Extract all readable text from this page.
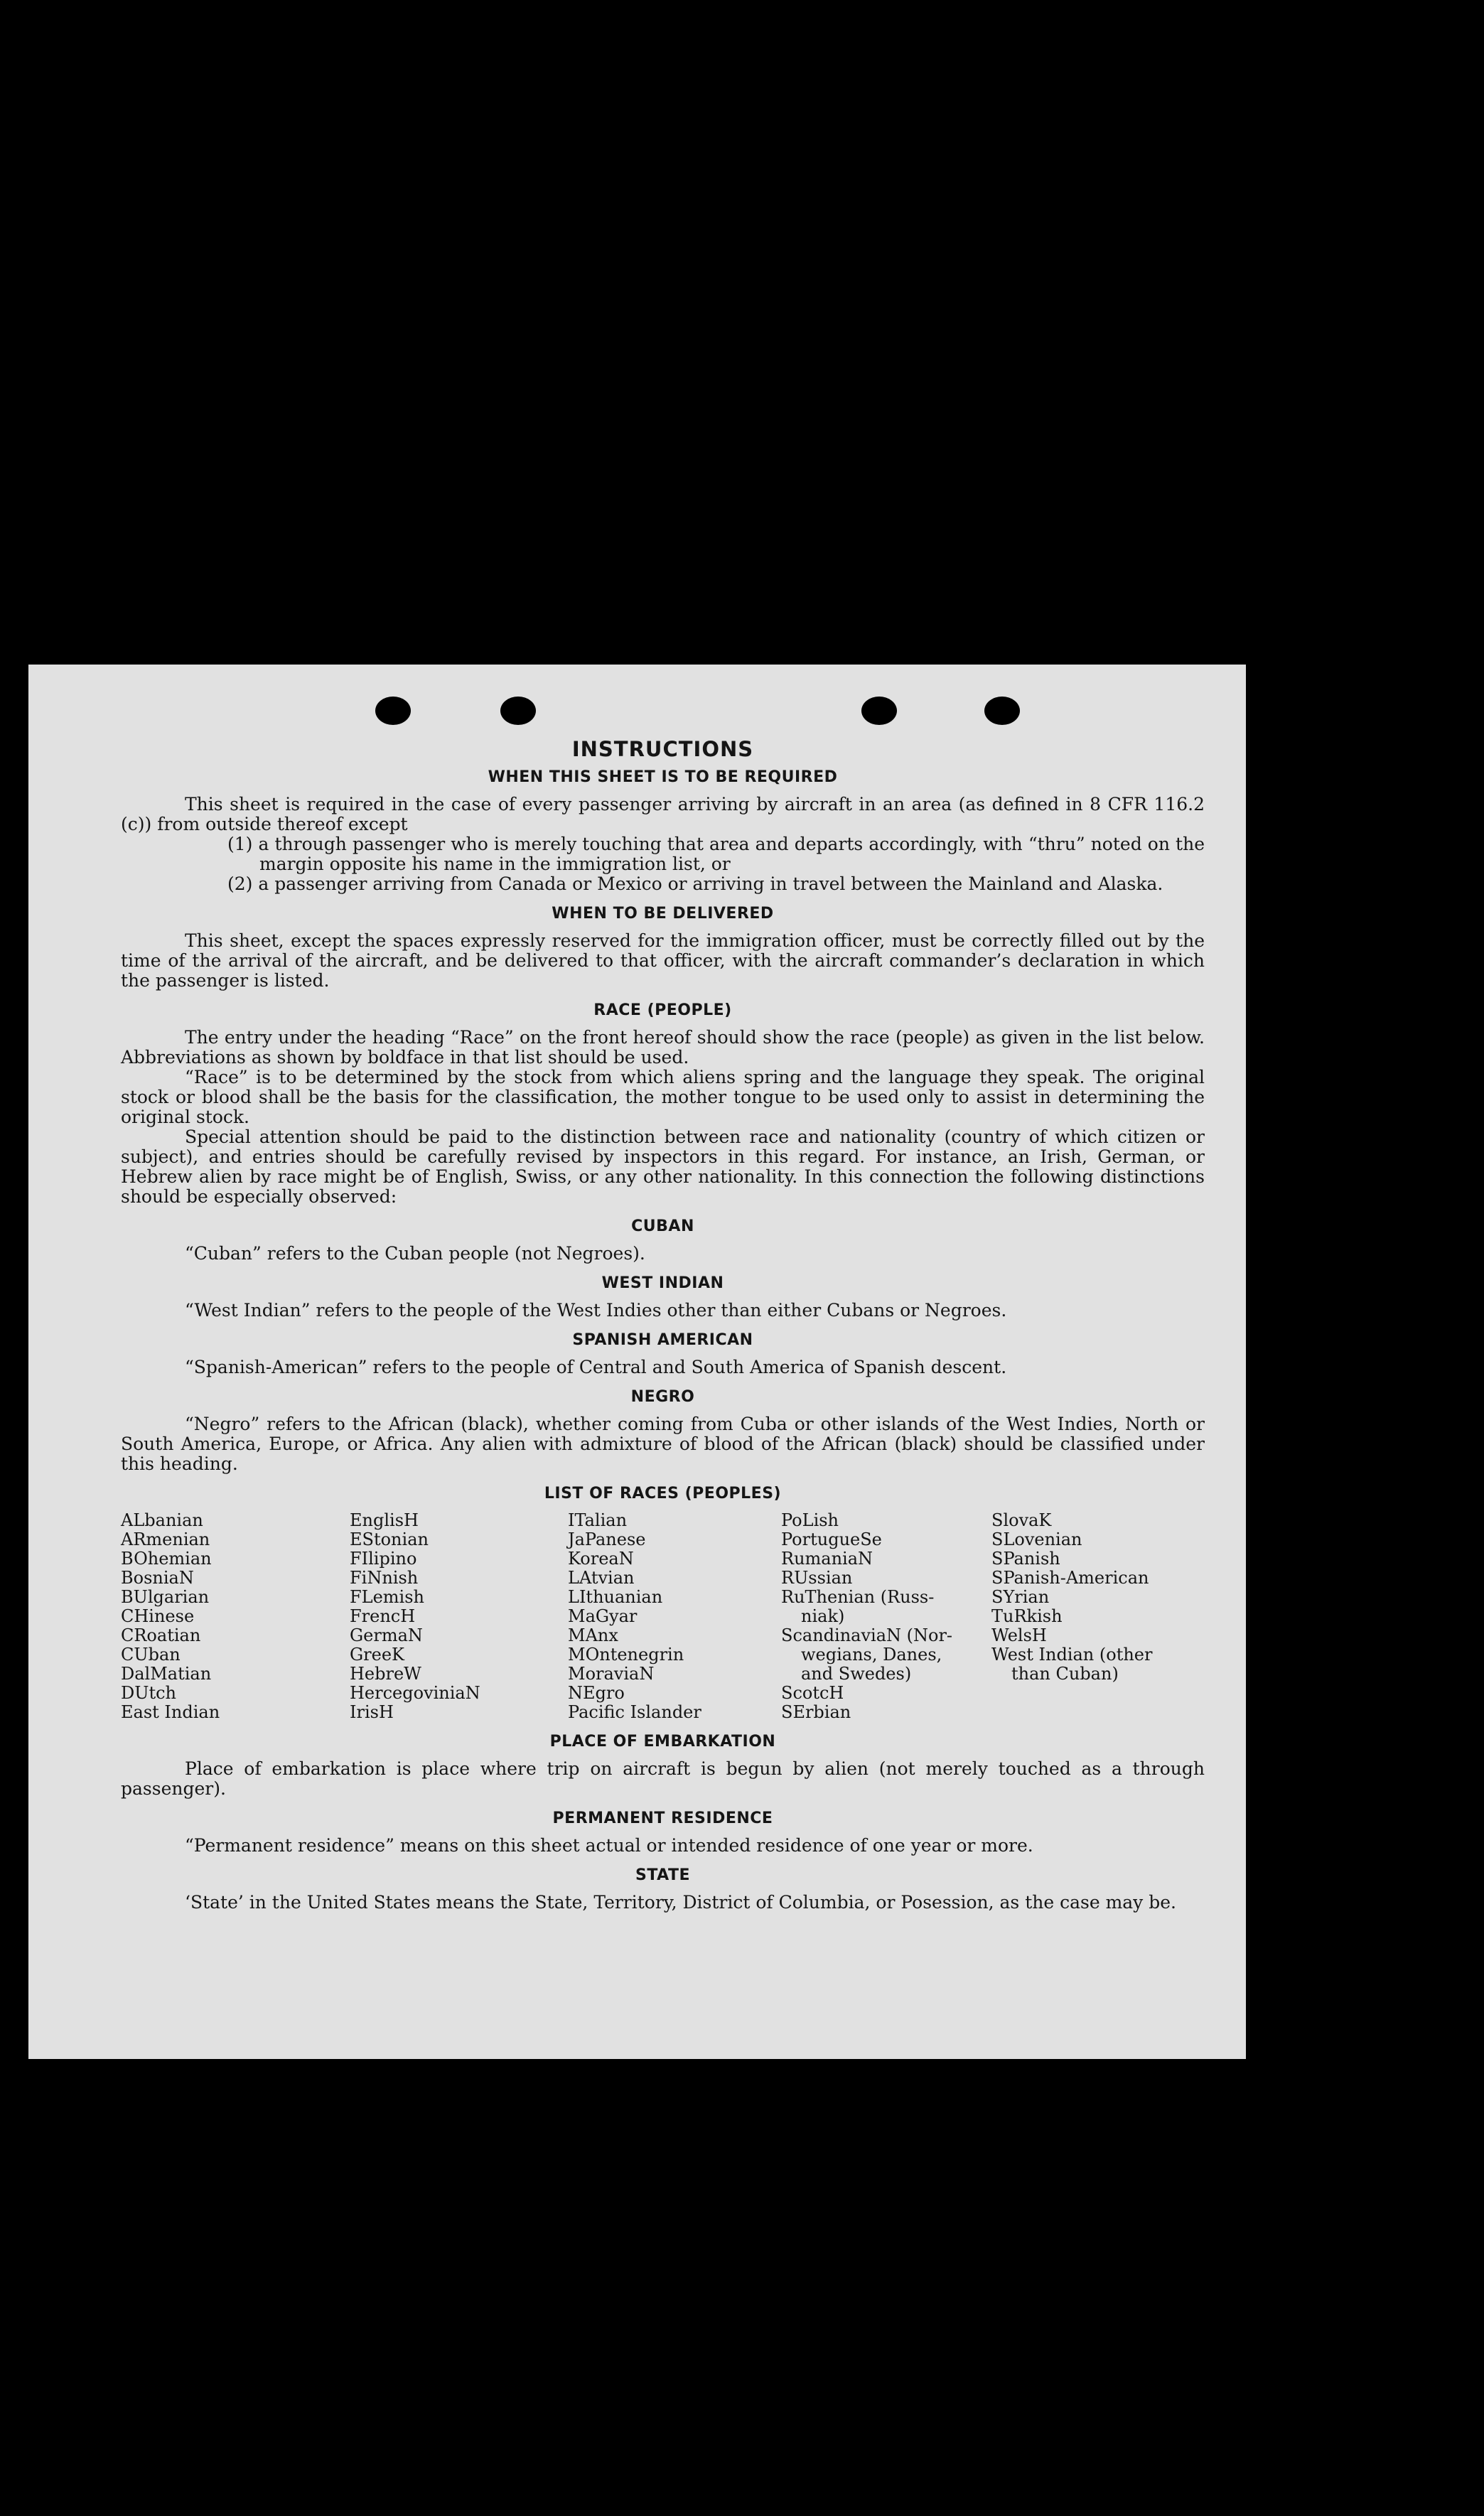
INSTRUCTIONS
WHEN THIS SHEET IS TO BE REQUIRED

This sheet is required in the case of every passenger arriving by aircraft in an area (as defined in 8 CFR 116.2 (c)) from outside thereof except

(1) a through passenger who is merely touching that area and departs accordingly, with “thru” noted on the margin opposite his name in the immigration list, or

(2) a passenger arriving from Canada or Mexico or arriving in travel between the Mainland and Alaska.

WHEN TO BE DELIVERED

This sheet, except the spaces expressly reserved for the immigration officer, must be correctly filled out by the time of the arrival of the aircraft, and be delivered to that officer, with the aircraft commander’s declaration in which the passenger is listed.

RACE (PEOPLE)

The entry under the heading “Race” on the front hereof should show the race (people) as given in the list below. Abbreviations as shown by boldface in that list should be used.

“Race” is to be determined by the stock from which aliens spring and the language they speak. The original stock or blood shall be the basis for the classification, the mother tongue to be used only to assist in determining the original stock.

Special attention should be paid to the distinction between race and nationality (country of which citizen or subject), and entries should be carefully revised by inspectors in this regard. For instance, an Irish, German, or Hebrew alien by race might be of English, Swiss, or any other nationality. In this connection the following distinctions should be especially observed:

CUBAN

“Cuban” refers to the Cuban people (not Negroes).

WEST INDIAN

“West Indian” refers to the people of the West Indies other than either Cubans or Negroes.

SPANISH AMERICAN

“Spanish-American” refers to the people of Central and South America of Spanish descent.

NEGRO

“Negro” refers to the African (black), whether coming from Cuba or other islands of the West Indies, North or South America, Europe, or Africa. Any alien with admixture of blood of the African (black) should be classified under this heading.

LIST OF RACES (PEOPLES)
ALbanian
ARmenian
BOhemian
BosniaN
BUlgarian
CHinese
CRoatian
CUban
DalMatian
DUtch
East Indian
EnglisH
EStonian
FIlipino
FiNnish
FLemish
FrencH
GermaN
GreeK
HebreW
HercegoviniaN
IrisH
ITalian
JaPanese
KoreaN
LAtvian
LIthuanian
MaGyar
MAnx
MOntenegrin
MoraviaN
NEgro
Pacific Islander
PoLish
PortugueSe
RumaniaN
RUssian
RuThenian (Russ-
niak)
ScandinaviaN (Nor-
wegians, Danes,
and Swedes)
ScotcH
SErbian
SlovaK
SLovenian
SPanish
SPanish-American
SYrian
TuRkish
WelsH
West Indian (other
than Cuban)
PLACE OF EMBARKATION

Place of embarkation is place where trip on aircraft is begun by alien (not merely touched as a through passenger).

PERMANENT RESIDENCE

“Permanent residence” means on this sheet actual or intended residence of one year or more.

STATE

‘State’ in the United States means the State, Territory, District of Columbia, or Posession, as the case may be.
